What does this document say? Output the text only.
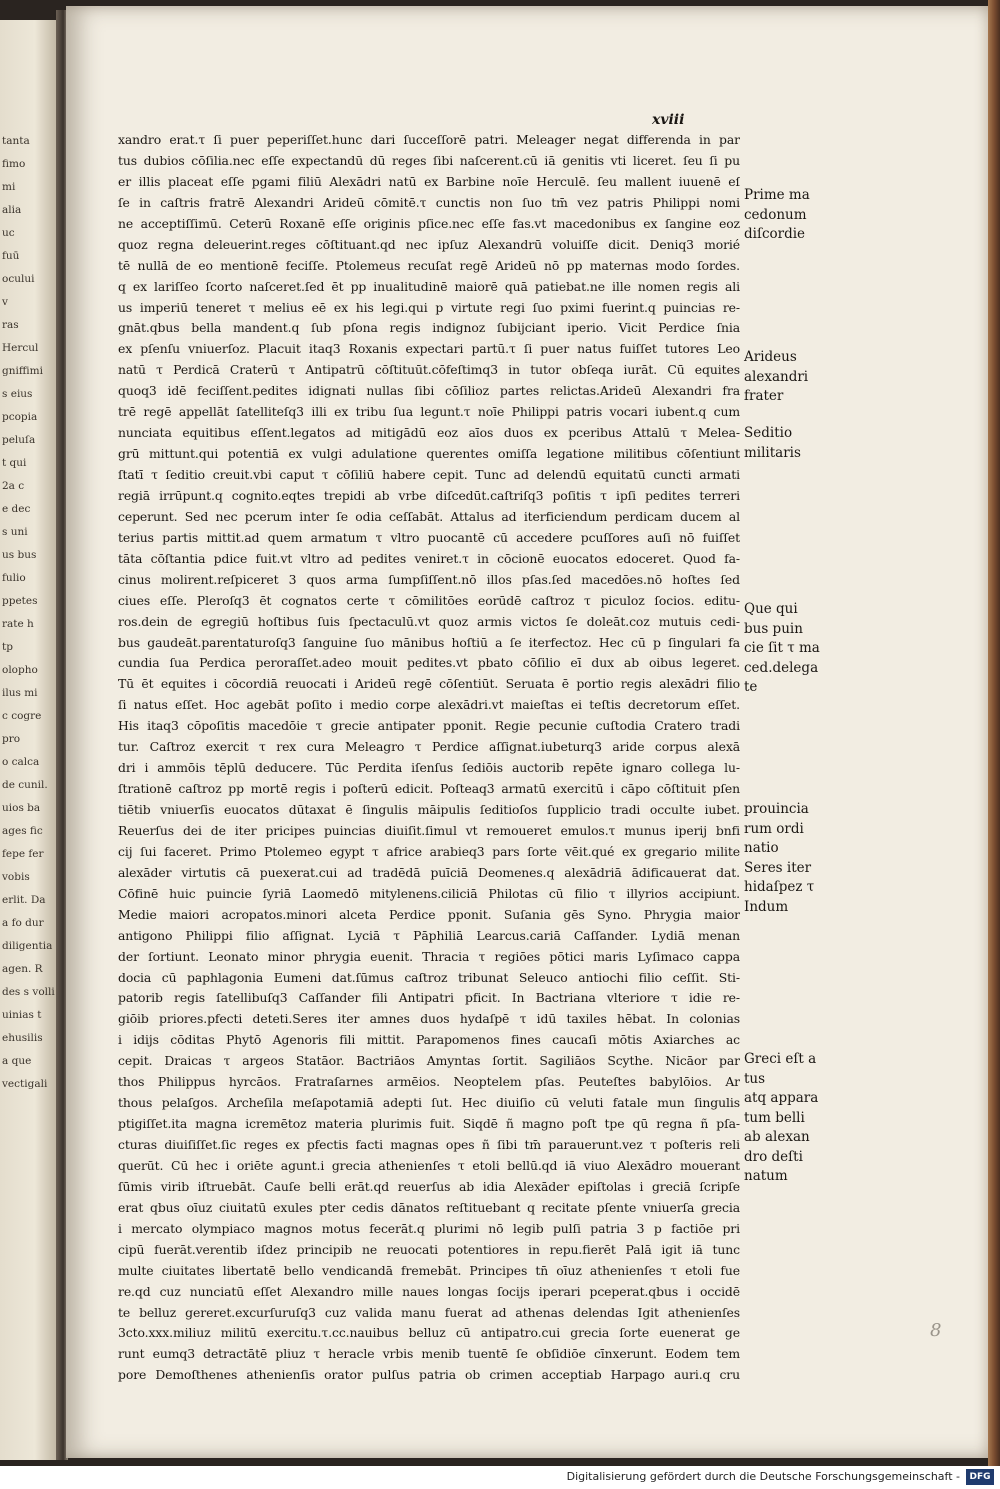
tanta
fimo
mi
alia
uc
fuū
ocului
v
ras
Hercul
gniffimi
s eius
pcopia
peluſa
t qui
2a c
e dec
s uni
us bus
fulio
ppetes
rate h
tp
olopho
ilus mi
c cogre
pro
o calca
de cunil.
uios ba
ages fic
fepe fer
vobis
erlit. Da
a fo dur
diligentia
agen. R
des s volli
uinias t
ehusilis
a que
vectigali
xviii
xandro erat.τ ſi puer peperiſſet.hunc dari ſucceſſorē patri. Meleager negat differenda in par
tus dubios cōſilia.nec eſſe expectandū dū reges ſibi naſcerent.cū iā genitis vti liceret. ſeu ſi pu
er illis placeat eſſe pgami filiū Alexādri natū ex Barbine noīe Herculē. ſeu mallent iuuenē eſ
ſe in caſtris fratrē Alexandri Arideū cōmitē.τ cunctis non ſuo tm̄ vez patris Philippi nomi
ne acceptiſſimū. Ceterū Roxanē eſſe originis pſice.nec eſſe fas.vt macedonibus ex ſangine eoz
quoz regna deleuerint.reges cōſtituant.qd nec ipſuz Alexandrū voluiſſe dicit. Deniq3 morié
tē nullā de eo mentionē feciſſe. Ptolemeus recuſat regē Arideū nō pp maternas modo ſordes.
q ex lariſſeo ſcorto naſceret.ſed ēt pp inualitudinē maiorē quā patiebat.ne ille nomen regis ali
us imperiū teneret τ melius eē ex his legi.qui p virtute regi ſuo pximi fuerint.q puincias re-
gnāt.qbus bella mandent.q ſub pſona regis indignoz ſubijciant iperio. Vicit Perdice ſnia
ex pſenſu vniuerſoz. Placuit itaq3 Roxanis expectari partū.τ ſi puer natus fuiſſet tutores Leo
natū τ Perdicā Craterū τ Antipatrū cōſtituūt.cōfeſtimq3 in tutor obſeqa iurāt. Cū equites
quoq3 idē feciſſent.pedites idignati nullas ſibi cōſilioz partes relictas.Arideū Alexandri fra
trē regē appellāt ſatelliteſq3 illi ex tribu ſua legunt.τ noīe Philippi patris vocari iubent.q cum
nunciata equitibus eſſent.legatos ad mitigādū eoz aīos duos ex pceribus Attalū τ Melea-
grū mittunt.qui potentiā ex vulgi adulatione querentes omiſſa legatione militibus cōſentiunt
ſtatī τ ſeditio creuit.vbi caput τ cōſiliū habere cepit. Tunc ad delendū equitatū cuncti armati
regiā irrūpunt.q cognito.eqtes trepidi ab vrbe diſcedūt.caſtriſq3 poſitis τ ipſi pedites terreri
ceperunt. Sed nec pcerum inter ſe odia ceſſabāt. Attalus ad iterficiendum perdicam ducem al
terius partis mittit.ad quem armatum τ vltro puocantē cū accedere pcuſſores auſi nō fuiſſet
tāta cōſtantia pdice fuit.vt vltro ad pedites veniret.τ in cōcionē euocatos edoceret. Quod fa-
cinus molirent.reſpiceret 3 quos arma ſumpſiſſent.nō illos pſas.ſed macedōes.nō hoſtes ſed
ciues eſſe. Pleroſq3 ēt cognatos certe τ cōmilitōes eorūdē caſtroz τ piculoz ſocios. editu-
ros.dein de egregiū hoſtibus ſuis ſpectaculū.vt quoz armis victos ſe doleāt.coz mutuis cedi-
bus gaudeāt.parentaturoſq3 ſanguine ſuo mānibus hoſtiū a ſe iterfectoz. Hec cū p ſingulari fa
cundia ſua Perdica peroraſſet.adeo mouit pedites.vt pbato cōſilio eī dux ab oibus legeret.
Tū ēt equites i cōcordiā reuocati i Arideū regē cōſentiūt. Seruata ē portio regis alexādri filio
ſi natus eſſet. Hoc agebāt poſito i medio corpe alexādri.vt maieſtas ei teſtis decretorum eſſet.
His itaq3 cōpoſitis macedōie τ grecie antipater pponit. Regie pecunie cuſtodia Cratero tradi
tur. Caſtroz exercit τ rex cura Meleagro τ Perdice aſſignat.iubeturq3 aride corpus alexā
dri i ammōis tēplū deducere. Tūc Perdita iſenſus ſediōis auctorib repēte ignaro collega lu-
ſtrationē caſtroz pp mortē regis i poſterū edicit. Poſteaq3 armatū exercitū i cāpo cōſtituit pſen
tiētib vniuerſis euocatos dūtaxat ē ſingulis māipulis ſeditioſos ſupplicio tradi occulte iubet.
Reuerſus dei de iter pricipes puincias diuiſit.ſimul vt remoueret emulos.τ munus iperij bnfi
cij ſui faceret. Primo Ptolemeo egypt τ africe arabieq3 pars ſorte vēit.qué ex gregario milite
alexāder virtutis cā puexerat.cui ad tradēdā puīciā Deomenes.q alexādriā ādificauerat dat.
Cōfinē huic puincie ſyriā Laomedō mitylenens.ciliciā Philotas cū filio τ illyrios accipiunt.
Medie maiori acropatos.minori alceta Perdice pponit. Suſania gēs Syno. Phrygia maior
antigono Philippi filio aſſignat. Lyciā τ Pāphiliā Learcus.cariā Caſſander. Lydiā menan
der ſortiunt. Leonato minor phrygia euenit. Thracia τ regiōes pōtici maris Lyſimaco cappa
docia cū paphlagonia Eumeni dat.ſūmus caſtroz tribunat Seleuco antiochi filio ceſſit. Sti-
patorib regis ſatellibuſq3 Caſſander fili Antipatri pficit. In Bactriana vlteriore τ idie re-
giōib priores.pfecti deteti.Seres iter amnes duos hydaſpē τ idū taxiles hēbat. In colonias
i idijs cōditas Phytō Agenoris fili mittit. Parapomenos fines caucaſi mōtis Axiarches ac
cepit. Draicas τ argeos Statāor. Bactriāos Amyntas ſortit. Sagiliāos Scythe. Nicāor par
thos Philippus hyrcāos. Fratraſarnes armēios. Neoptelem pſas. Peuteſtes babylōios. Ar
thous pelaſgos. Archeſila meſapotamiā adepti ſut. Hec diuiſio cū veluti fatale mun ſingulis
ptigiſſet.ita magna icremētoz materia plurimis fuit. Siqdē ñ magno poſt tpe qū regna ñ pſa-
cturas diuiſiſſet.ſic reges ex pfectis facti magnas opes ñ ſibi tm̄ parauerunt.vez τ poſteris reli
querūt. Cū hec i oriēte agunt.i grecia athenienſes τ etoli bellū.qd iā viuo Alexādro mouerant
ſūmis virib iſtruebāt. Cauſe belli erāt.qd reuerſus ab idia Alexāder epiſtolas i greciā ſcripſe
erat qbus oīuz ciuitatū exules pter cedis dānatos reſtituebant q recitate pſente vniuerſa grecia
i mercato olympiaco magnos motus fecerāt.q plurimi nō legib pulſi patria 3 p factiōe pri
cipū fuerāt.verentib iſdez principib ne reuocati potentiores in repu.fierēt Palā igit iā tunc
multe ciuitates libertatē bello vendicandā fremebāt. Principes tn̄ oīuz athenienſes τ etoli fue
re.qd cuz nunciatū eſſet Alexandro mille naues longas ſocijs iperari pceperat.qbus i occidē
te belluz gereret.excurſuruſq3 cuz valida manu fuerat ad athenas delendas Igit athenienſes
3cto.xxx.miliuz militū exercitu.τ.cc.nauibus belluz cū antipatro.cui grecia ſorte euenerat ge
runt eumq3 detractātē pliuz τ heracle vrbis menib tuentē ſe obſidiōe cīnxerunt. Eodem tem
pore Demoſthenes athenienſis orator pulſus patria ob crimen acceptiab Harpago auri.q cru
Prime ma
cedonum
diſcordie
Arideus
alexandri
frater
Seditio
militaris
Que qui
bus puin
cie ſit τ ma
ced.delega
te
prouincia
rum ordi
natio
Seres iter
hidaſpez τ
Indum
Greci eſt a
tus
atq appara
tum belli
ab alexan
dro deſti
natum
8
Digitalisierung gefördert durch die Deutsche Forschungsgemeinschaft -	DFG
